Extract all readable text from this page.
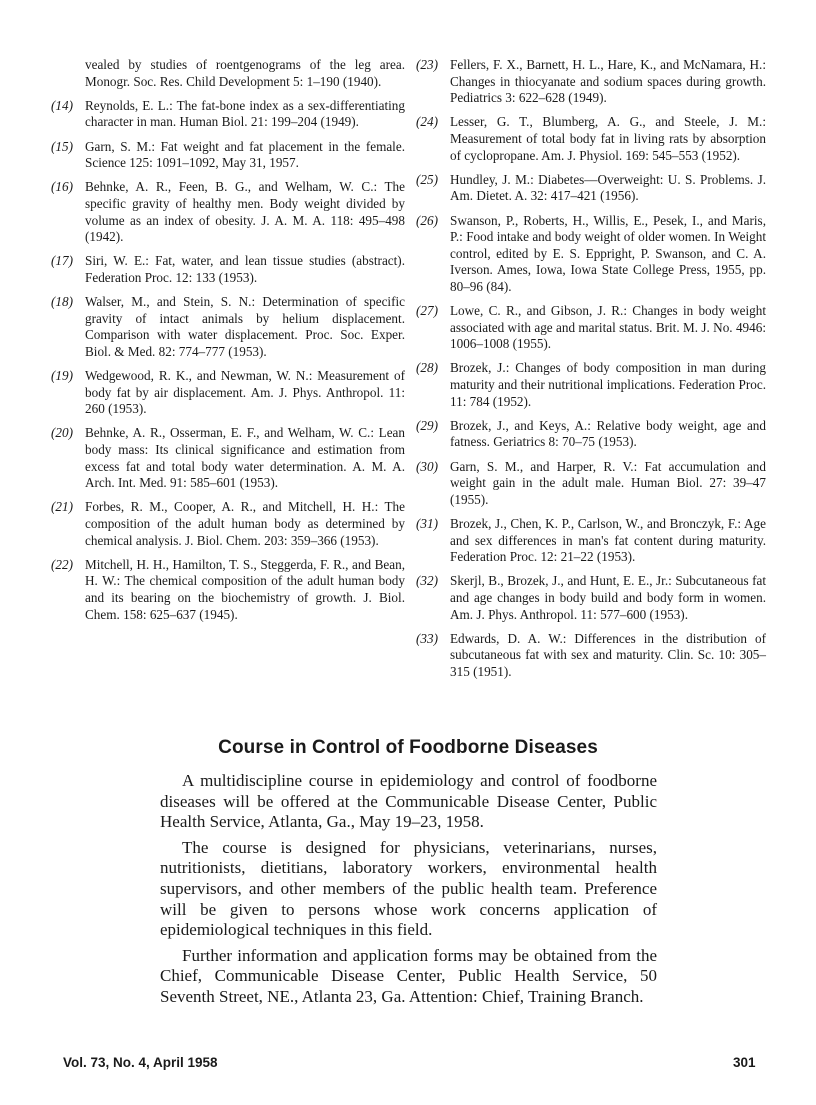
vealed by studies of roentgenograms of the leg area. Monogr. Soc. Res. Child Development 5: 1–190 (1940).
(14) Reynolds, E. L.: The fat-bone index as a sex-differentiating character in man. Human Biol. 21: 199–204 (1949).
(15) Garn, S. M.: Fat weight and fat placement in the female. Science 125: 1091–1092, May 31, 1957.
(16) Behnke, A. R., Feen, B. G., and Welham, W. C.: The specific gravity of healthy men. Body weight divided by volume as an index of obesity. J. A. M. A. 118: 495–498 (1942).
(17) Siri, W. E.: Fat, water, and lean tissue studies (abstract). Federation Proc. 12: 133 (1953).
(18) Walser, M., and Stein, S. N.: Determination of specific gravity of intact animals by helium displacement. Comparison with water displacement. Proc. Soc. Exper. Biol. & Med. 82: 774–777 (1953).
(19) Wedgewood, R. K., and Newman, W. N.: Measurement of body fat by air displacement. Am. J. Phys. Anthropol. 11: 260 (1953).
(20) Behnke, A. R., Osserman, E. F., and Welham, W. C.: Lean body mass: Its clinical significance and estimation from excess fat and total body water determination. A. M. A. Arch. Int. Med. 91: 585–601 (1953).
(21) Forbes, R. M., Cooper, A. R., and Mitchell, H. H.: The composition of the adult human body as determined by chemical analysis. J. Biol. Chem. 203: 359–366 (1953).
(22) Mitchell, H. H., Hamilton, T. S., Steggerda, F. R., and Bean, H. W.: The chemical composition of the adult human body and its bearing on the biochemistry of growth. J. Biol. Chem. 158: 625–637 (1945).
(23) Fellers, F. X., Barnett, H. L., Hare, K., and McNamara, H.: Changes in thiocyanate and sodium spaces during growth. Pediatrics 3: 622–628 (1949).
(24) Lesser, G. T., Blumberg, A. G., and Steele, J. M.: Measurement of total body fat in living rats by absorption of cyclopropane. Am. J. Physiol. 169: 545–553 (1952).
(25) Hundley, J. M.: Diabetes—Overweight: U. S. Problems. J. Am. Dietet. A. 32: 417–421 (1956).
(26) Swanson, P., Roberts, H., Willis, E., Pesek, I., and Maris, P.: Food intake and body weight of older women. In Weight control, edited by E. S. Eppright, P. Swanson, and C. A. Iverson. Ames, Iowa, Iowa State College Press, 1955, pp. 80–96 (84).
(27) Lowe, C. R., and Gibson, J. R.: Changes in body weight associated with age and marital status. Brit. M. J. No. 4946: 1006–1008 (1955).
(28) Brozek, J.: Changes of body composition in man during maturity and their nutritional implications. Federation Proc. 11: 784 (1952).
(29) Brozek, J., and Keys, A.: Relative body weight, age and fatness. Geriatrics 8: 70–75 (1953).
(30) Garn, S. M., and Harper, R. V.: Fat accumulation and weight gain in the adult male. Human Biol. 27: 39–47 (1955).
(31) Brozek, J., Chen, K. P., Carlson, W., and Bronczyk, F.: Age and sex differences in man's fat content during maturity. Federation Proc. 12: 21–22 (1953).
(32) Skerjl, B., Brozek, J., and Hunt, E. E., Jr.: Subcutaneous fat and age changes in body build and body form in women. Am. J. Phys. Anthropol. 11: 577–600 (1953).
(33) Edwards, D. A. W.: Differences in the distribution of subcutaneous fat with sex and maturity. Clin. Sc. 10: 305–315 (1951).
Course in Control of Foodborne Diseases

A multidiscipline course in epidemiology and control of foodborne diseases will be offered at the Communicable Disease Center, Public Health Service, Atlanta, Ga., May 19–23, 1958.

The course is designed for physicians, veterinarians, nurses, nutritionists, dietitians, laboratory workers, environmental health supervisors, and other members of the public health team. Preference will be given to persons whose work concerns application of epidemiological techniques in this field.

Further information and application forms may be obtained from the Chief, Communicable Disease Center, Public Health Service, 50 Seventh Street, NE., Atlanta 23, Ga. Attention: Chief, Training Branch.

Vol. 73, No. 4, April 1958	301
